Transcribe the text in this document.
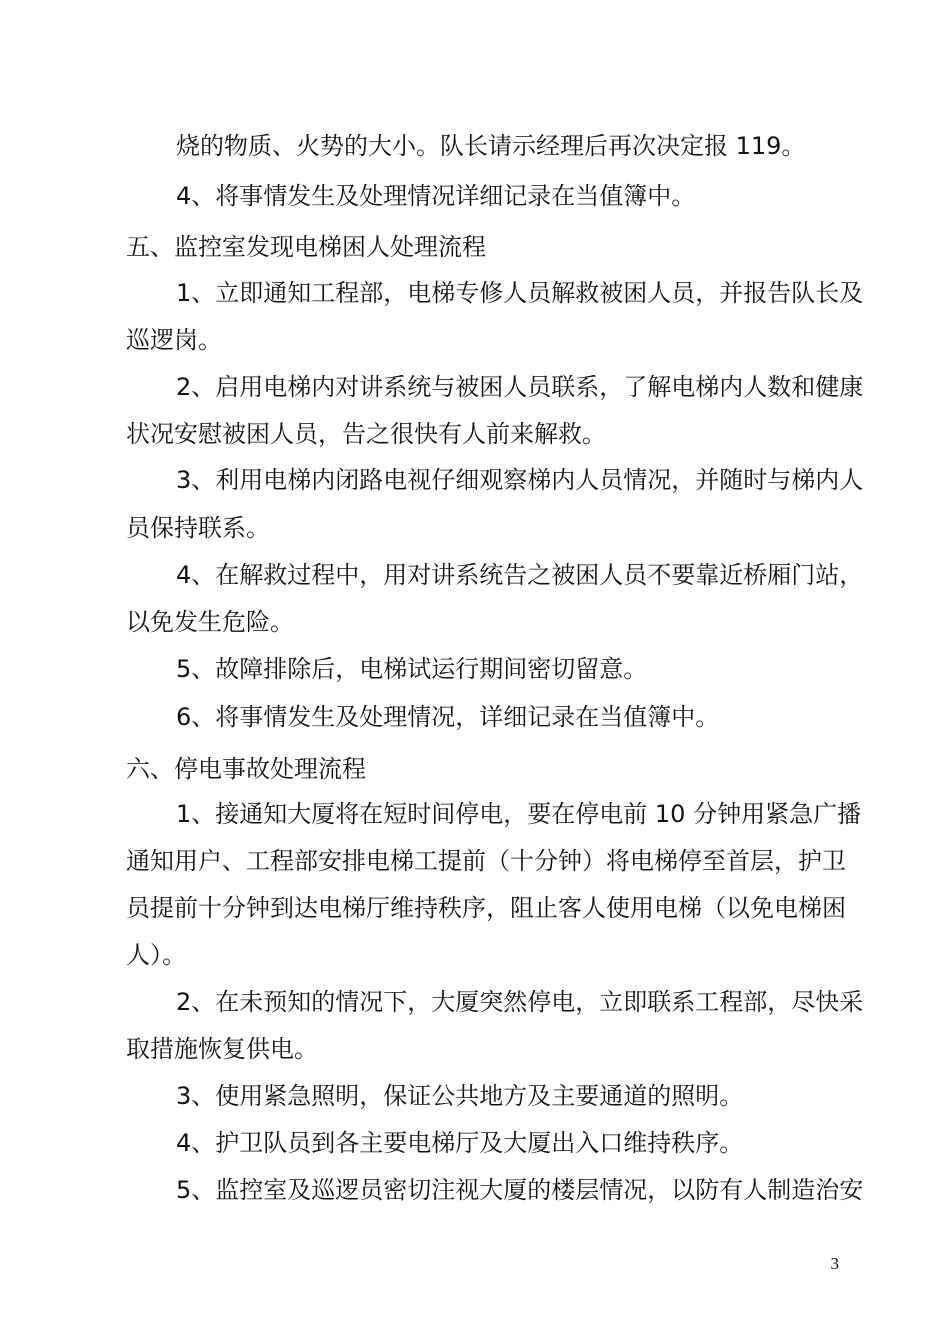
烧的物质、火势的大小。队长请示经理后再次决定报 119。
4、将事情发生及处理情况详细记录在当值簿中。
五、监控室发现电梯困人处理流程
1、立即通知工程部，电梯专修人员解救被困人员，并报告队长及
巡逻岗。
2、启用电梯内对讲系统与被困人员联系，了解电梯内人数和健康
状况安慰被困人员，告之很快有人前来解救。
3、利用电梯内闭路电视仔细观察梯内人员情况，并随时与梯内人
员保持联系。
4、在解救过程中，用对讲系统告之被困人员不要靠近桥厢门站，
以免发生危险。
5、故障排除后，电梯试运行期间密切留意。
6、将事情发生及处理情况，详细记录在当值簿中。
六、停电事故处理流程
1、接通知大厦将在短时间停电，要在停电前 10 分钟用紧急广播
通知用户、工程部安排电梯工提前（十分钟）将电梯停至首层，护卫
员提前十分钟到达电梯厅维持秩序，阻止客人使用电梯（以免电梯困
人）。
2、在未预知的情况下，大厦突然停电，立即联系工程部，尽快采
取措施恢复供电。
3、使用紧急照明，保证公共地方及主要通道的照明。
4、护卫队员到各主要电梯厅及大厦出入口维持秩序。
5、监控室及巡逻员密切注视大厦的楼层情况，以防有人制造治安
3
